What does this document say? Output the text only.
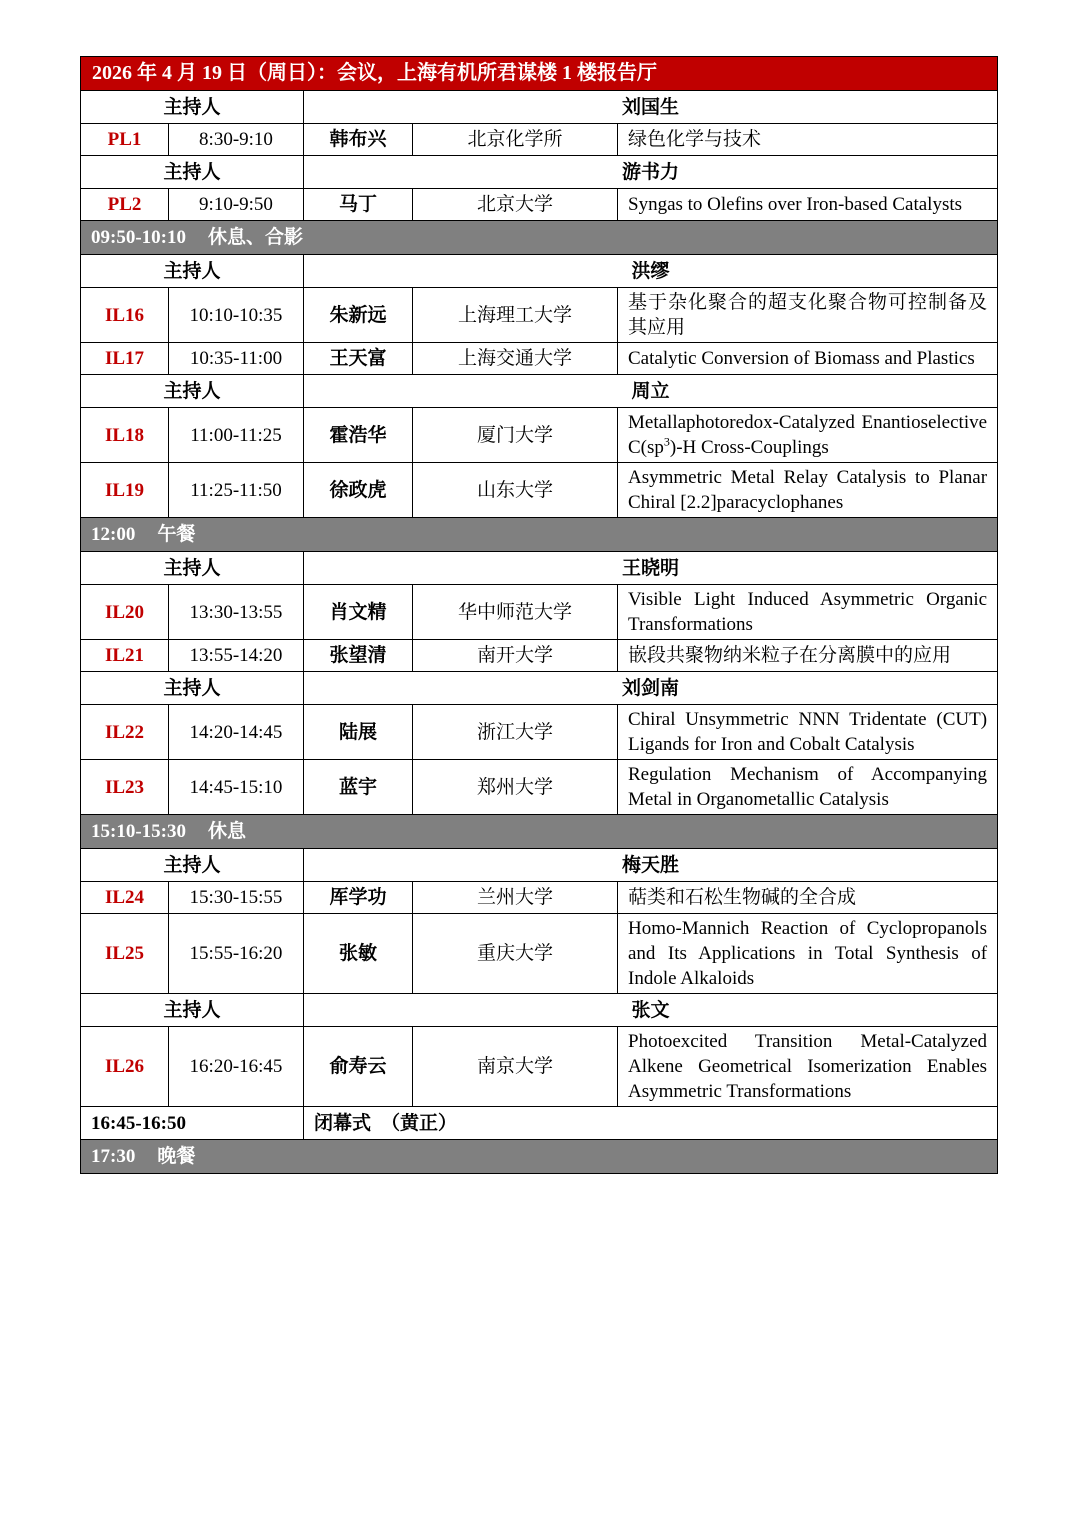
2026 年 4 月 19 日（周日）：会议，上海有机所君谋楼 1 楼报告厅				
主持人		刘国生		
PL1	8:30-9:10	韩布兴	北京化学所	绿色化学与技术
主持人		游书力		
PL2	9:10-9:50	马丁	北京大学	Syngas to Olefins over Iron-based Catalysts
09:50-10:10 休息、合影				
主持人		洪缪		
IL16	10:10-10:35	朱新远	上海理工大学	基于杂化聚合的超支化聚合物可控制备及其应用
IL17	10:35-11:00	王天富	上海交通大学	Catalytic Conversion of Biomass and Plastics
主持人		周立		
IL18	11:00-11:25	霍浩华	厦门大学	Metallaphotoredox-Catalyzed Enantioselective $C(sp^3)-H$ Cross-Couplings
IL19	11:25-11:50	徐政虎	山东大学	Asymmetric Metal Relay Catalysis to Planar Chiral [2.2]paracyclophanes
12:00 午餐				
主持人		王晓明		
IL20	13:30-13:55	肖文精	华中师范大学	Visible Light Induced Asymmetric Organic Transformations
IL21	13:55-14:20	张望清	南开大学	嵌段共聚物纳米粒子在分离膜中的应用
主持人		刘剑南		
IL22	14:20-14:45	陆展	浙江大学	Chiral Unsymmetric NNN Tridentate (CUT) Ligands for Iron and Cobalt Catalysis
IL23	14:45-15:10	蓝宇	郑州大学	Regulation Mechanism of Accompanying Metal in Organometallic Catalysis
15:10-15:30 休息				
主持人		梅天胜		
IL24	15:30-15:55	厍学功	兰州大学	萜类和石松生物碱的全合成
IL25	15:55-16:20	张敏	重庆大学	Homo-Mannich Reaction of Cyclopropanols and Its Applications in Total Synthesis of Indole Alkaloids
主持人		张文		
IL26	16:20-16:45	俞寿云	南京大学	Photoexcited Transition Metal-Catalyzed Alkene Geometrical Isomerization Enables Asymmetric Transformations
16:45-16:50		闭幕式 （黄正）		
17:30 晚餐				
